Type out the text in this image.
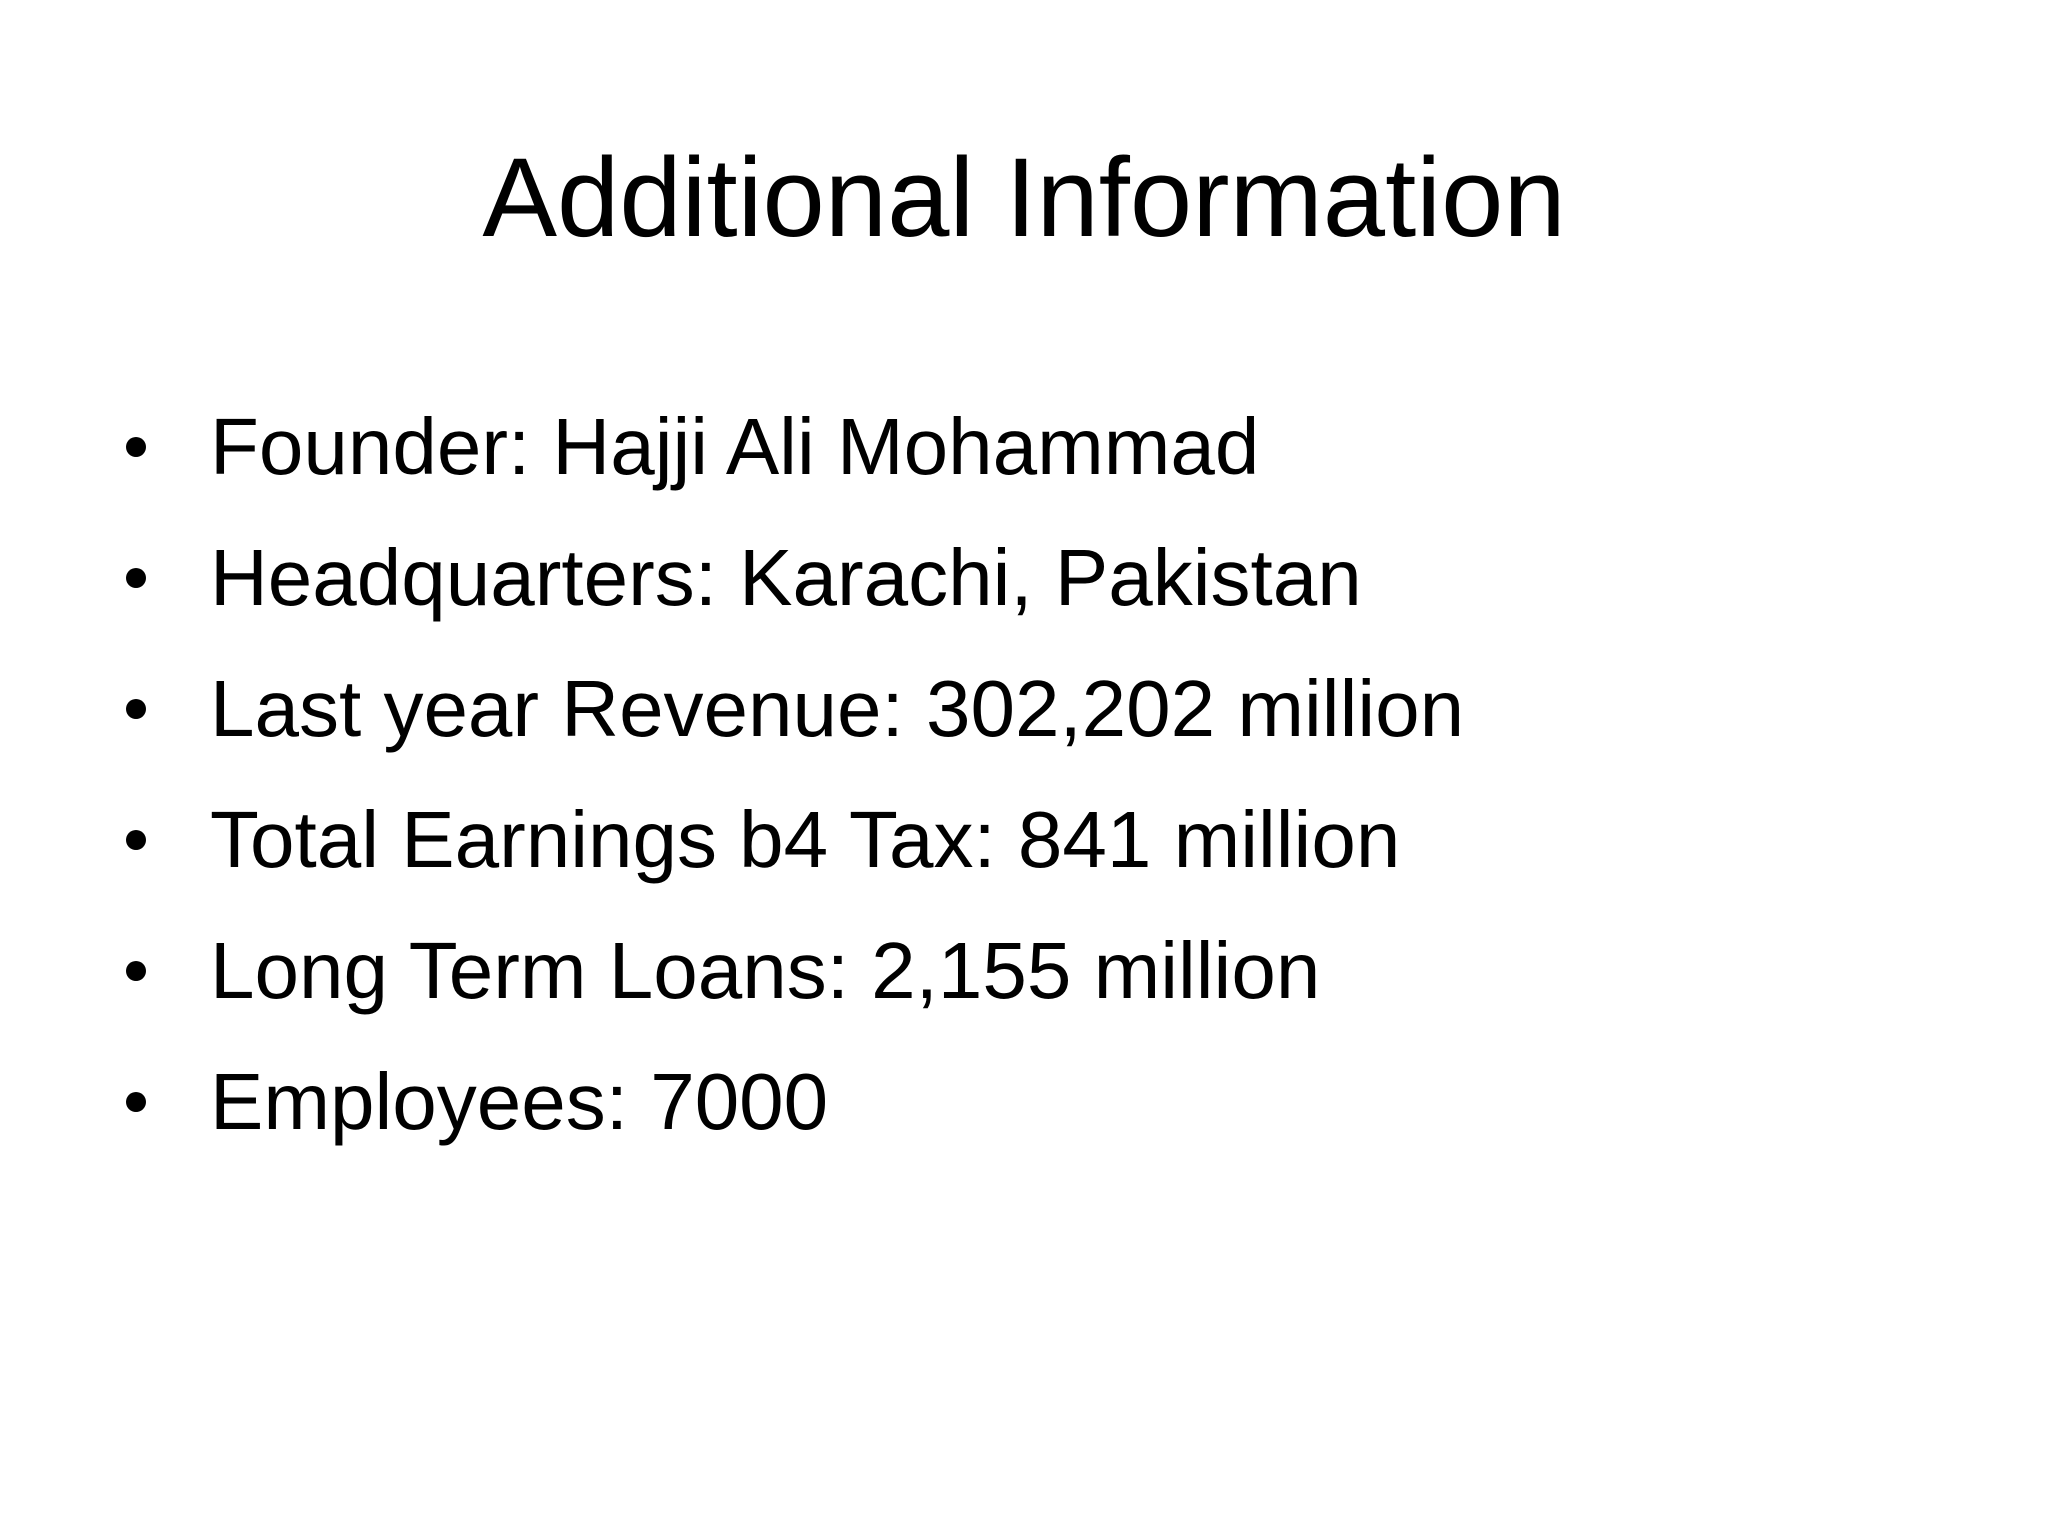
Additional Information
Founder: Hajji Ali Mohammad
Headquarters: Karachi, Pakistan
Last year Revenue: 302,202 million
Total Earnings b4 Tax: 841 million
Long Term Loans: 2,155 million
Employees: 7000
